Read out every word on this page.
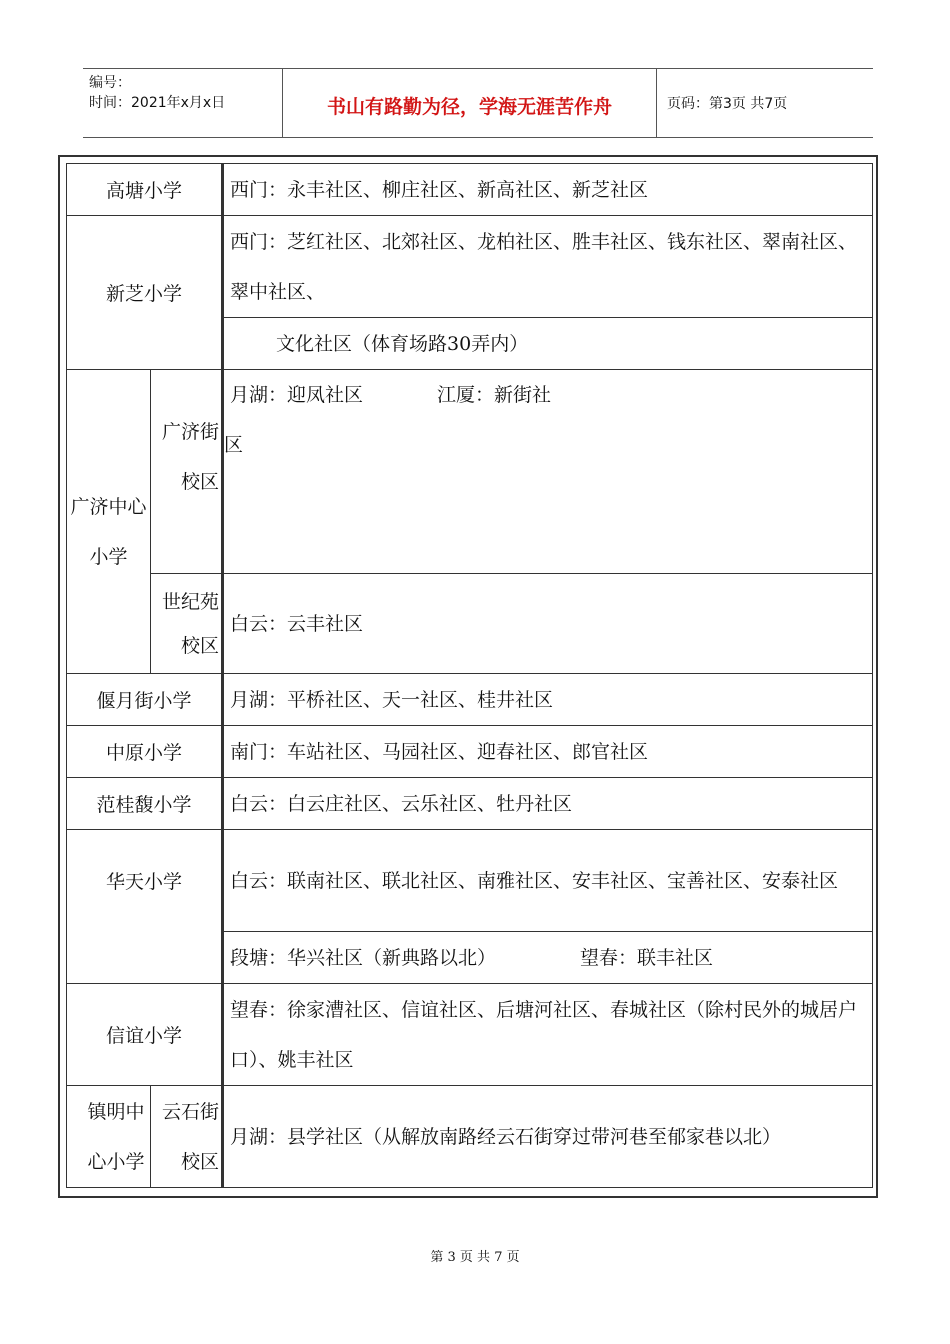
编号：
时间：2021年x月x日	书山有路勤为径，学海无涯苦作舟	页码：第3页 共7页
高塘小学		西门：永丰社区、柳庄社区、新高社区、新芝社区
新芝小学		西门：芝红社区、北郊社区、龙柏社区、胜丰社区、钱东社区、翠南社区、翠中社区、
		文化社区（体育场路30弄内）
广济中心小学	广济街校区	月湖：迎凤社区 江厦：新街社
区

	世纪苑校区	白云：云丰社区
偃月街小学		月湖：平桥社区、天一社区、桂井社区
中原小学		南门：车站社区、马园社区、迎春社区、郎官社区
范桂馥小学		白云：白云庄社区、云乐社区、牡丹社区
华天小学		白云：联南社区、联北社区、南雅社区、安丰社区、宝善社区、安泰社区
		段塘：华兴社区（新典路以北） 望春：联丰社区
信谊小学		望春：徐家漕社区、信谊社区、后塘河社区、春城社区（除村民外的城居户口）、姚丰社区
镇明中心小学	云石街校区	月湖：县学社区（从解放南路经云石街穿过带河巷至郁家巷以北）
第 3 页 共 7 页
